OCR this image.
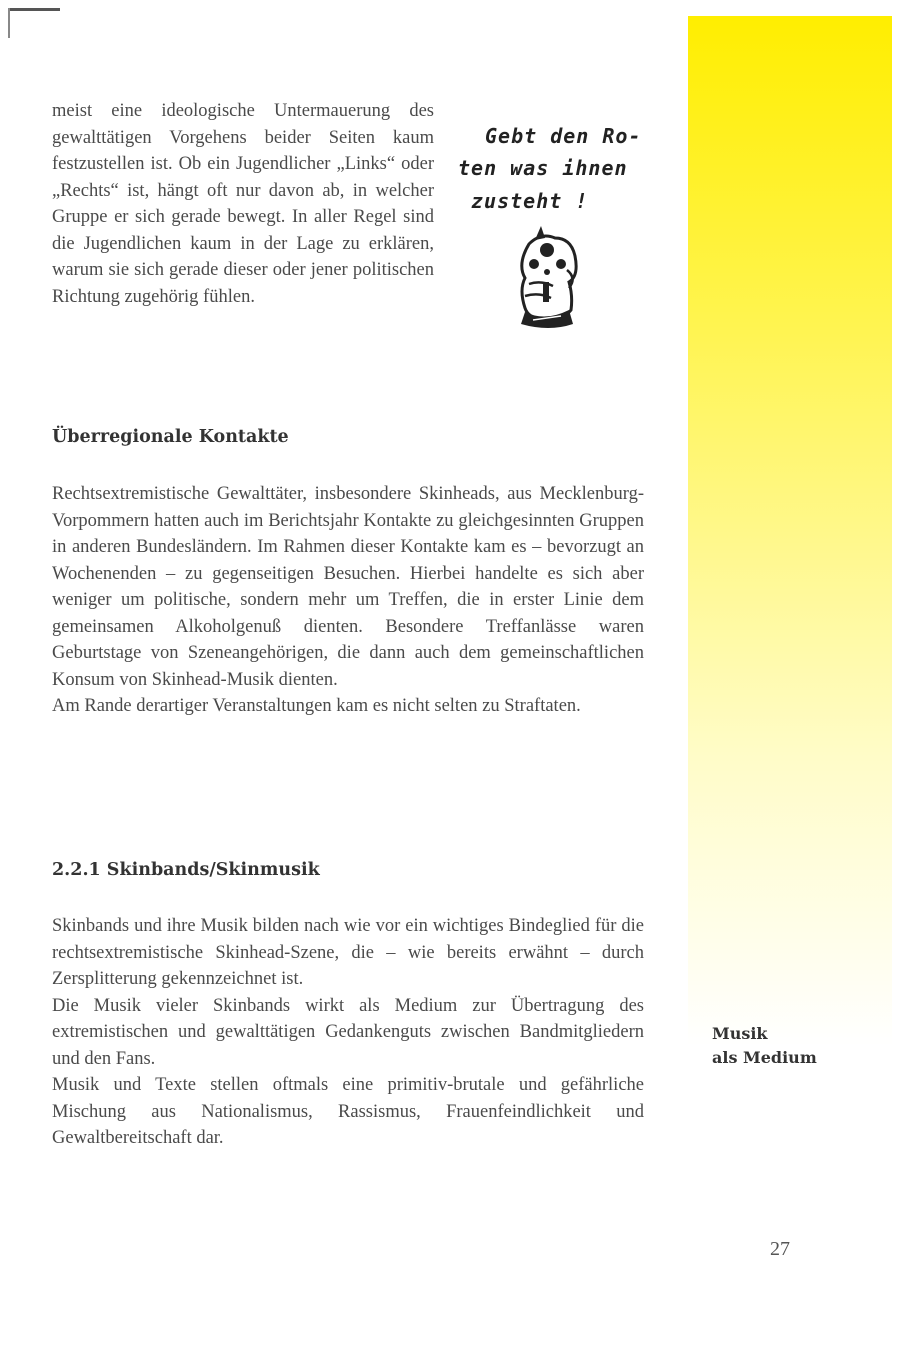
meist eine ideologische Untermauerung des gewalttätigen Vorgehens beider Seiten kaum festzustellen ist. Ob ein Jugendlicher „Links“ oder „Rechts“ ist, hängt oft nur davon ab, in welcher Gruppe er sich gerade bewegt. In aller Regel sind die Jugendlichen kaum in der Lage zu erklären, warum sie sich gerade dieser oder jener politischen Richtung zugehörig fühlen.

Gebt den Ro-
ten was ihnen
zusteht !
Überregionale Kontakte

Rechtsextremistische Gewalttäter, insbesondere Skinheads, aus Mecklenburg-Vorpommern hatten auch im Berichtsjahr Kontakte zu gleichgesinnten Gruppen in anderen Bundesländern. Im Rahmen dieser Kontakte kam es – bevorzugt an Wochenenden – zu gegenseitigen Besuchen. Hierbei handelte es sich aber weniger um politische, sondern mehr um Treffen, die in erster Linie dem gemeinsamen Alkoholgenuß dienten. Besondere Treffanlässe waren Geburtstage von Szeneangehörigen, die dann auch dem gemeinschaftlichen Konsum von Skinhead-Musik dienten.

Am Rande derartiger Veranstaltungen kam es nicht selten zu Straftaten.

2.2.1 Skinbands/Skinmusik

Skinbands und ihre Musik bilden nach wie vor ein wichtiges Bindeglied für die rechtsextremistische Skinhead-Szene, die – wie bereits erwähnt – durch Zersplitterung gekennzeichnet ist.

Die Musik vieler Skinbands wirkt als Medium zur Übertragung des extremistischen und gewalttätigen Gedankenguts zwischen Bandmitgliedern und den Fans.

Musik und Texte stellen oftmals eine primitiv-brutale und gefährliche Mischung aus Nationalismus, Rassismus, Frauenfeindlichkeit und Gewaltbereitschaft dar.

Musik
als Medium
27
